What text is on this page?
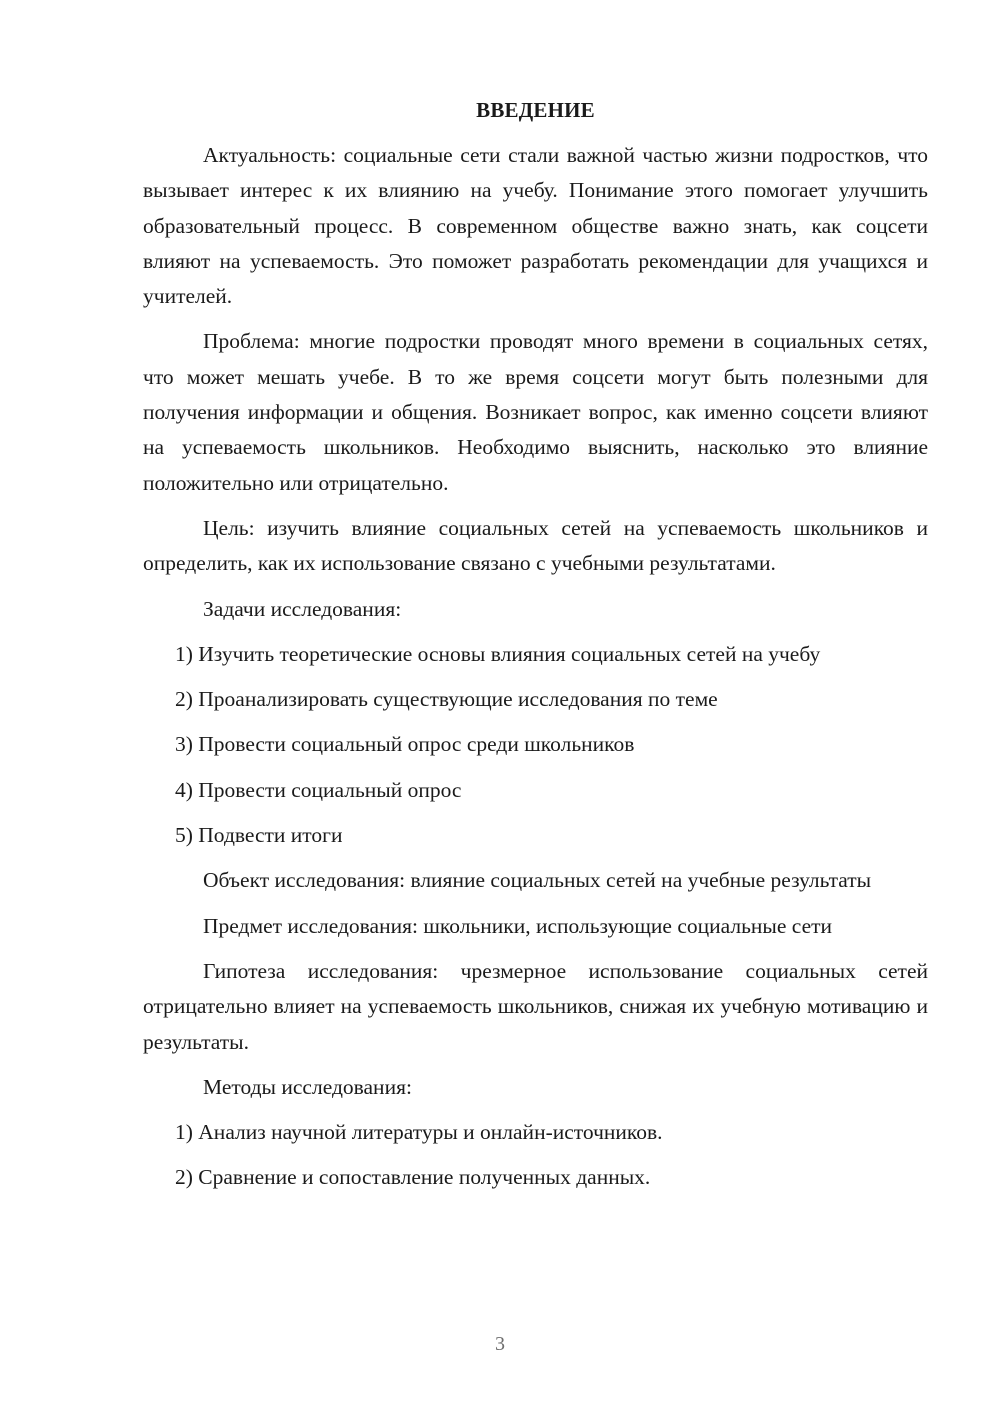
ВВЕДЕНИЕ

Актуальность: социальные сети стали важной частью жизни подростков, что вызывает интерес к их влиянию на учебу. Понимание этого помогает улучшить образовательный процесс. В современном обществе важно знать, как соцсети влияют на успеваемость. Это поможет разработать рекомендации для учащихся и учителей.

Проблема: многие подростки проводят много времени в социальных сетях, что может мешать учебе. В то же время соцсети могут быть полезными для получения информации и общения. Возникает вопрос, как именно соцсети влияют на успеваемость школьников. Необходимо выяснить, насколько это влияние положительно или отрицательно.

Цель: изучить влияние социальных сетей на успеваемость школьников и определить, как их использование связано с учебными результатами.

Задачи исследования:

1) Изучить теоретические основы влияния социальных сетей на учебу
2) Проанализировать существующие исследования по теме
3) Провести социальный опрос среди школьников
4) Провести социальный опрос
5) Подвести итоги

Объект исследования: влияние социальных сетей на учебные результаты

Предмет исследования: школьники, использующие социальные сети

Гипотеза исследования: чрезмерное использование социальных сетей отрицательно влияет на успеваемость школьников, снижая их учебную мотивацию и результаты.

Методы исследования:

1) Анализ научной литературы и онлайн-источников.
2) Сравнение и сопоставление полученных данных.
3
